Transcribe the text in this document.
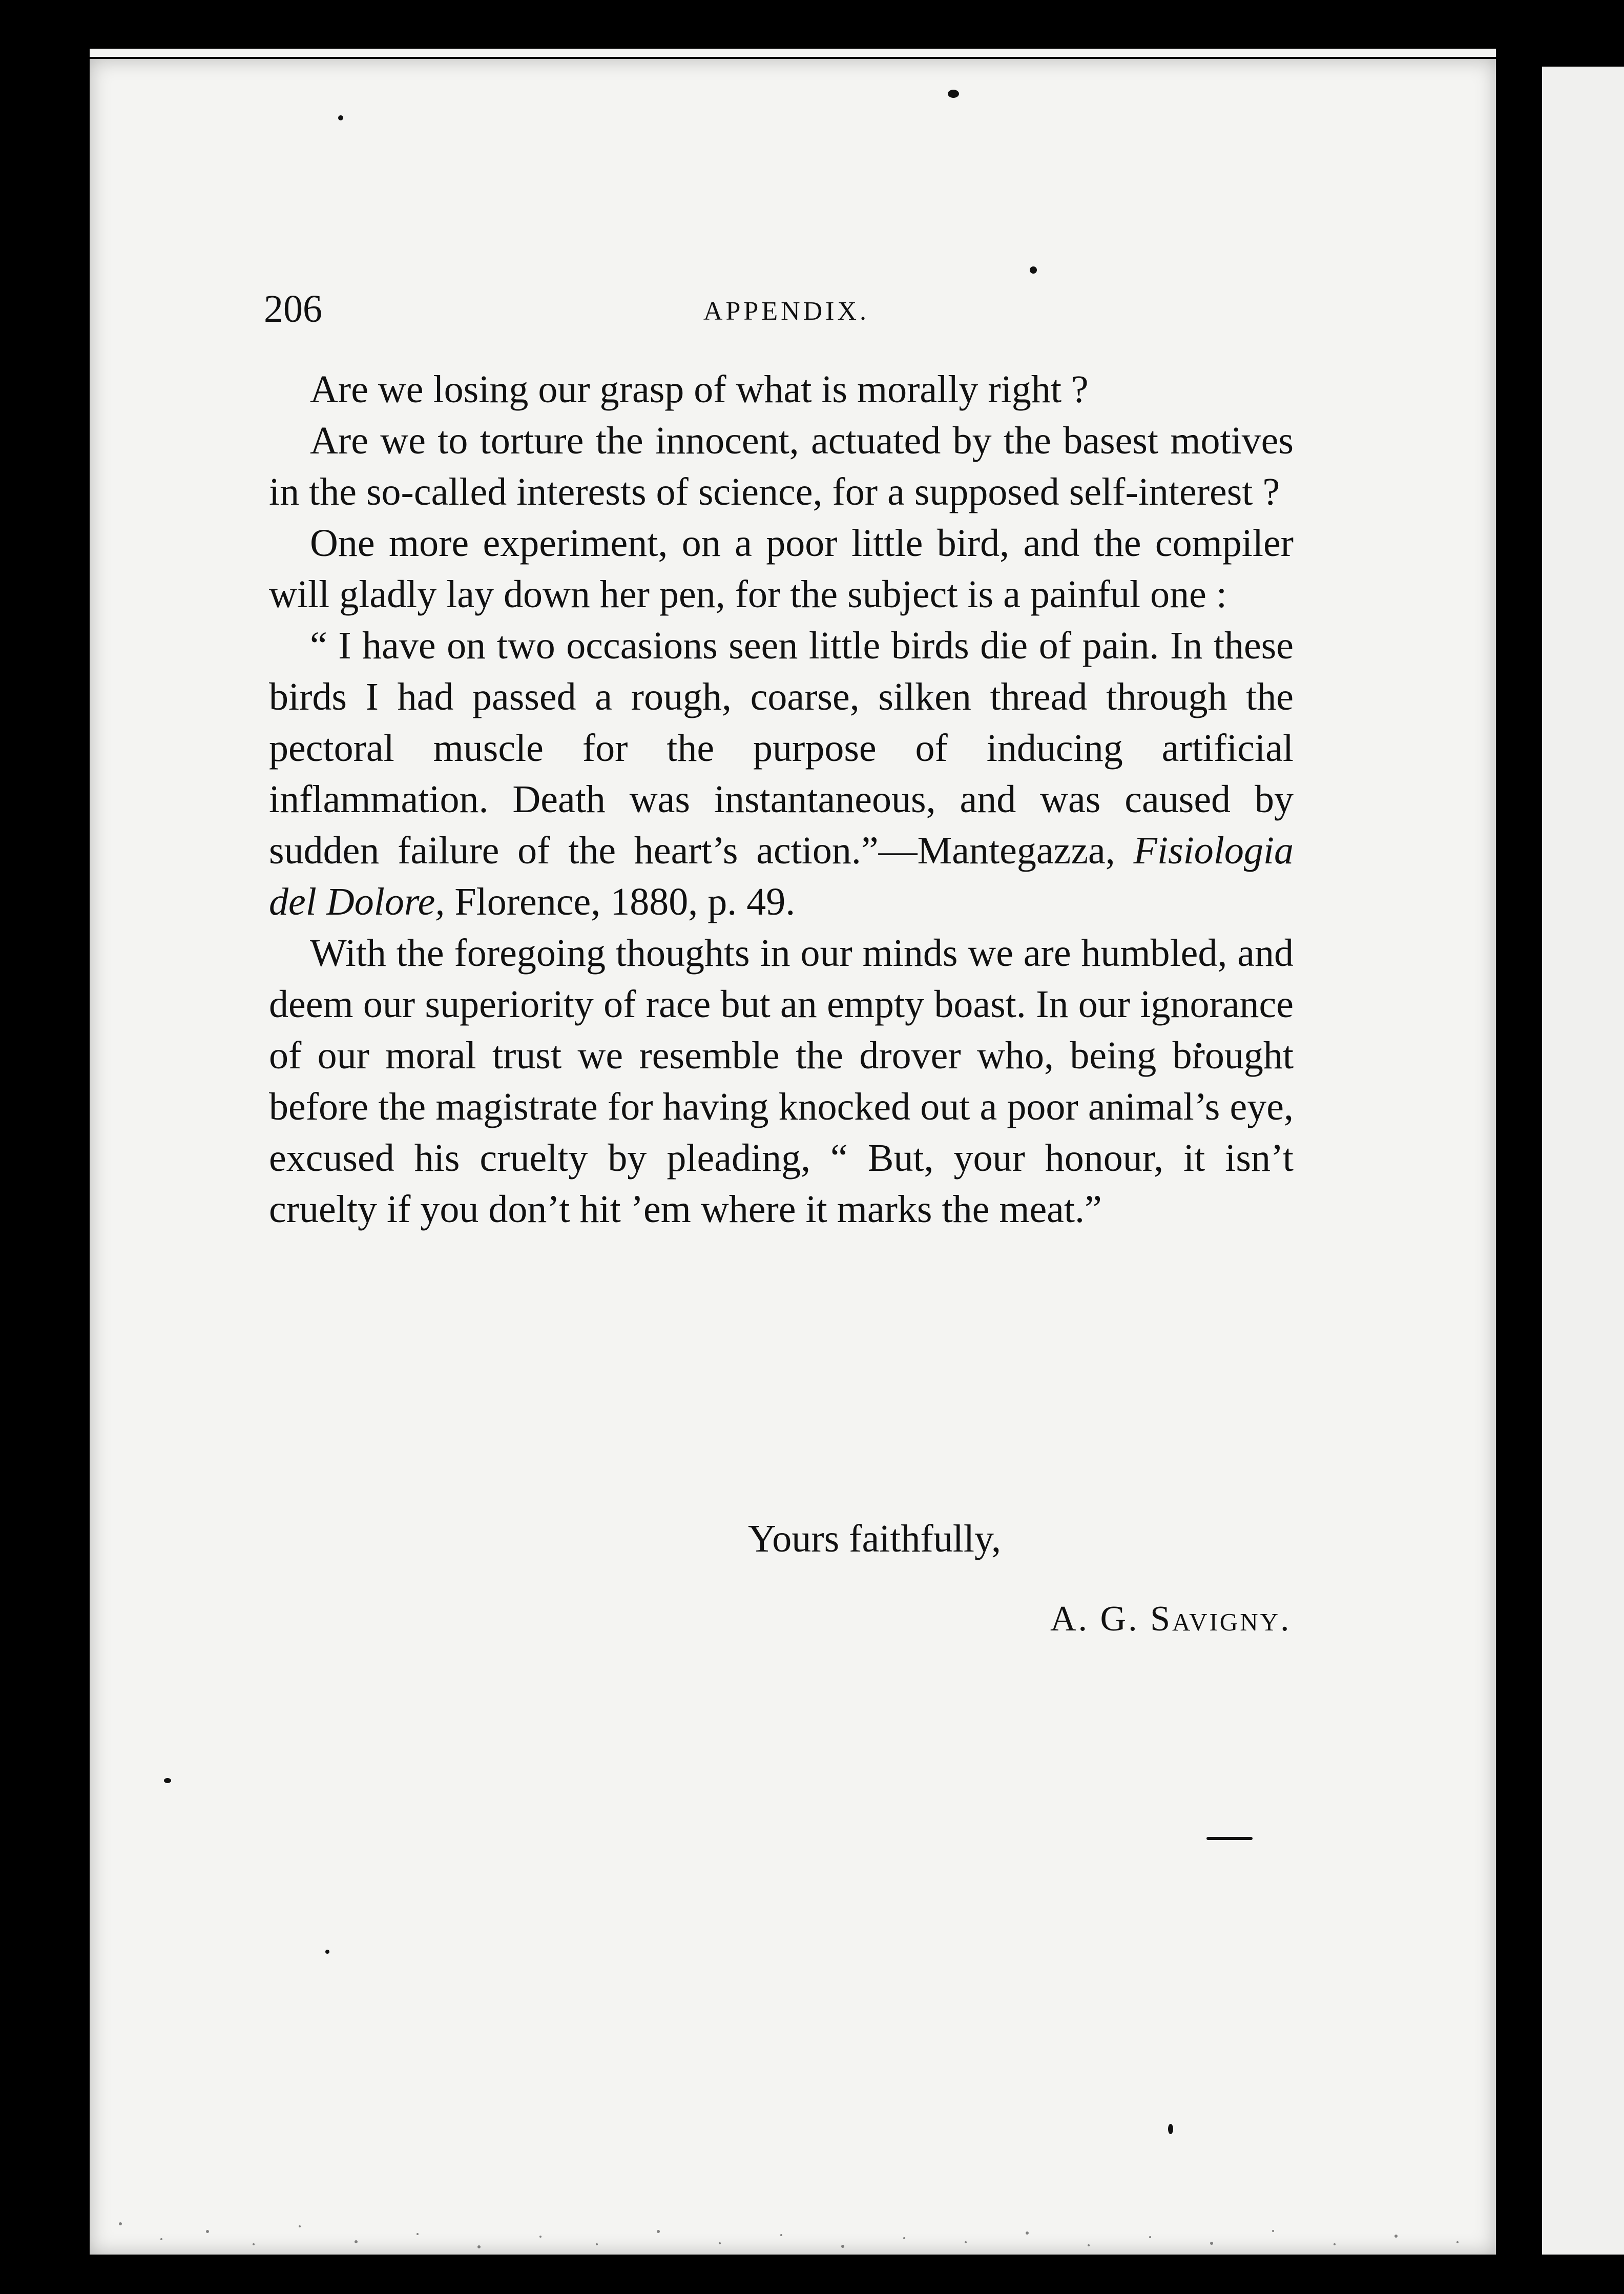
206	APPENDIX.

Are we losing our grasp of what is morally right ?

Are we to torture the innocent, actuated by the basest motives in the so-called interests of science, for a supposed self-interest ?

One more experiment, on a poor little bird, and the compiler will gladly lay down her pen, for the subject is a painful one :

“ I have on two occasions seen little birds die of pain. In these birds I had passed a rough, coarse, silken thread through the pectoral muscle for the purpose of inducing artificial inflammation. Death was instantaneous, and was caused by sudden failure of the heart’s action.”—Mantegazza, Fisiologia del Dolore, Florence, 1880, p. 49.

With the foregoing thoughts in our minds we are humbled, and deem our superiority of race but an empty boast. In our ignorance of our moral trust we resemble the drover who, being brought before the magistrate for having knocked out a poor animal’s eye, excused his cruelty by pleading, “ But, your honour, it isn’t cruelty if you don’t hit ’em where it marks the meat.”

Yours faithfully,
A. G. Savigny.
